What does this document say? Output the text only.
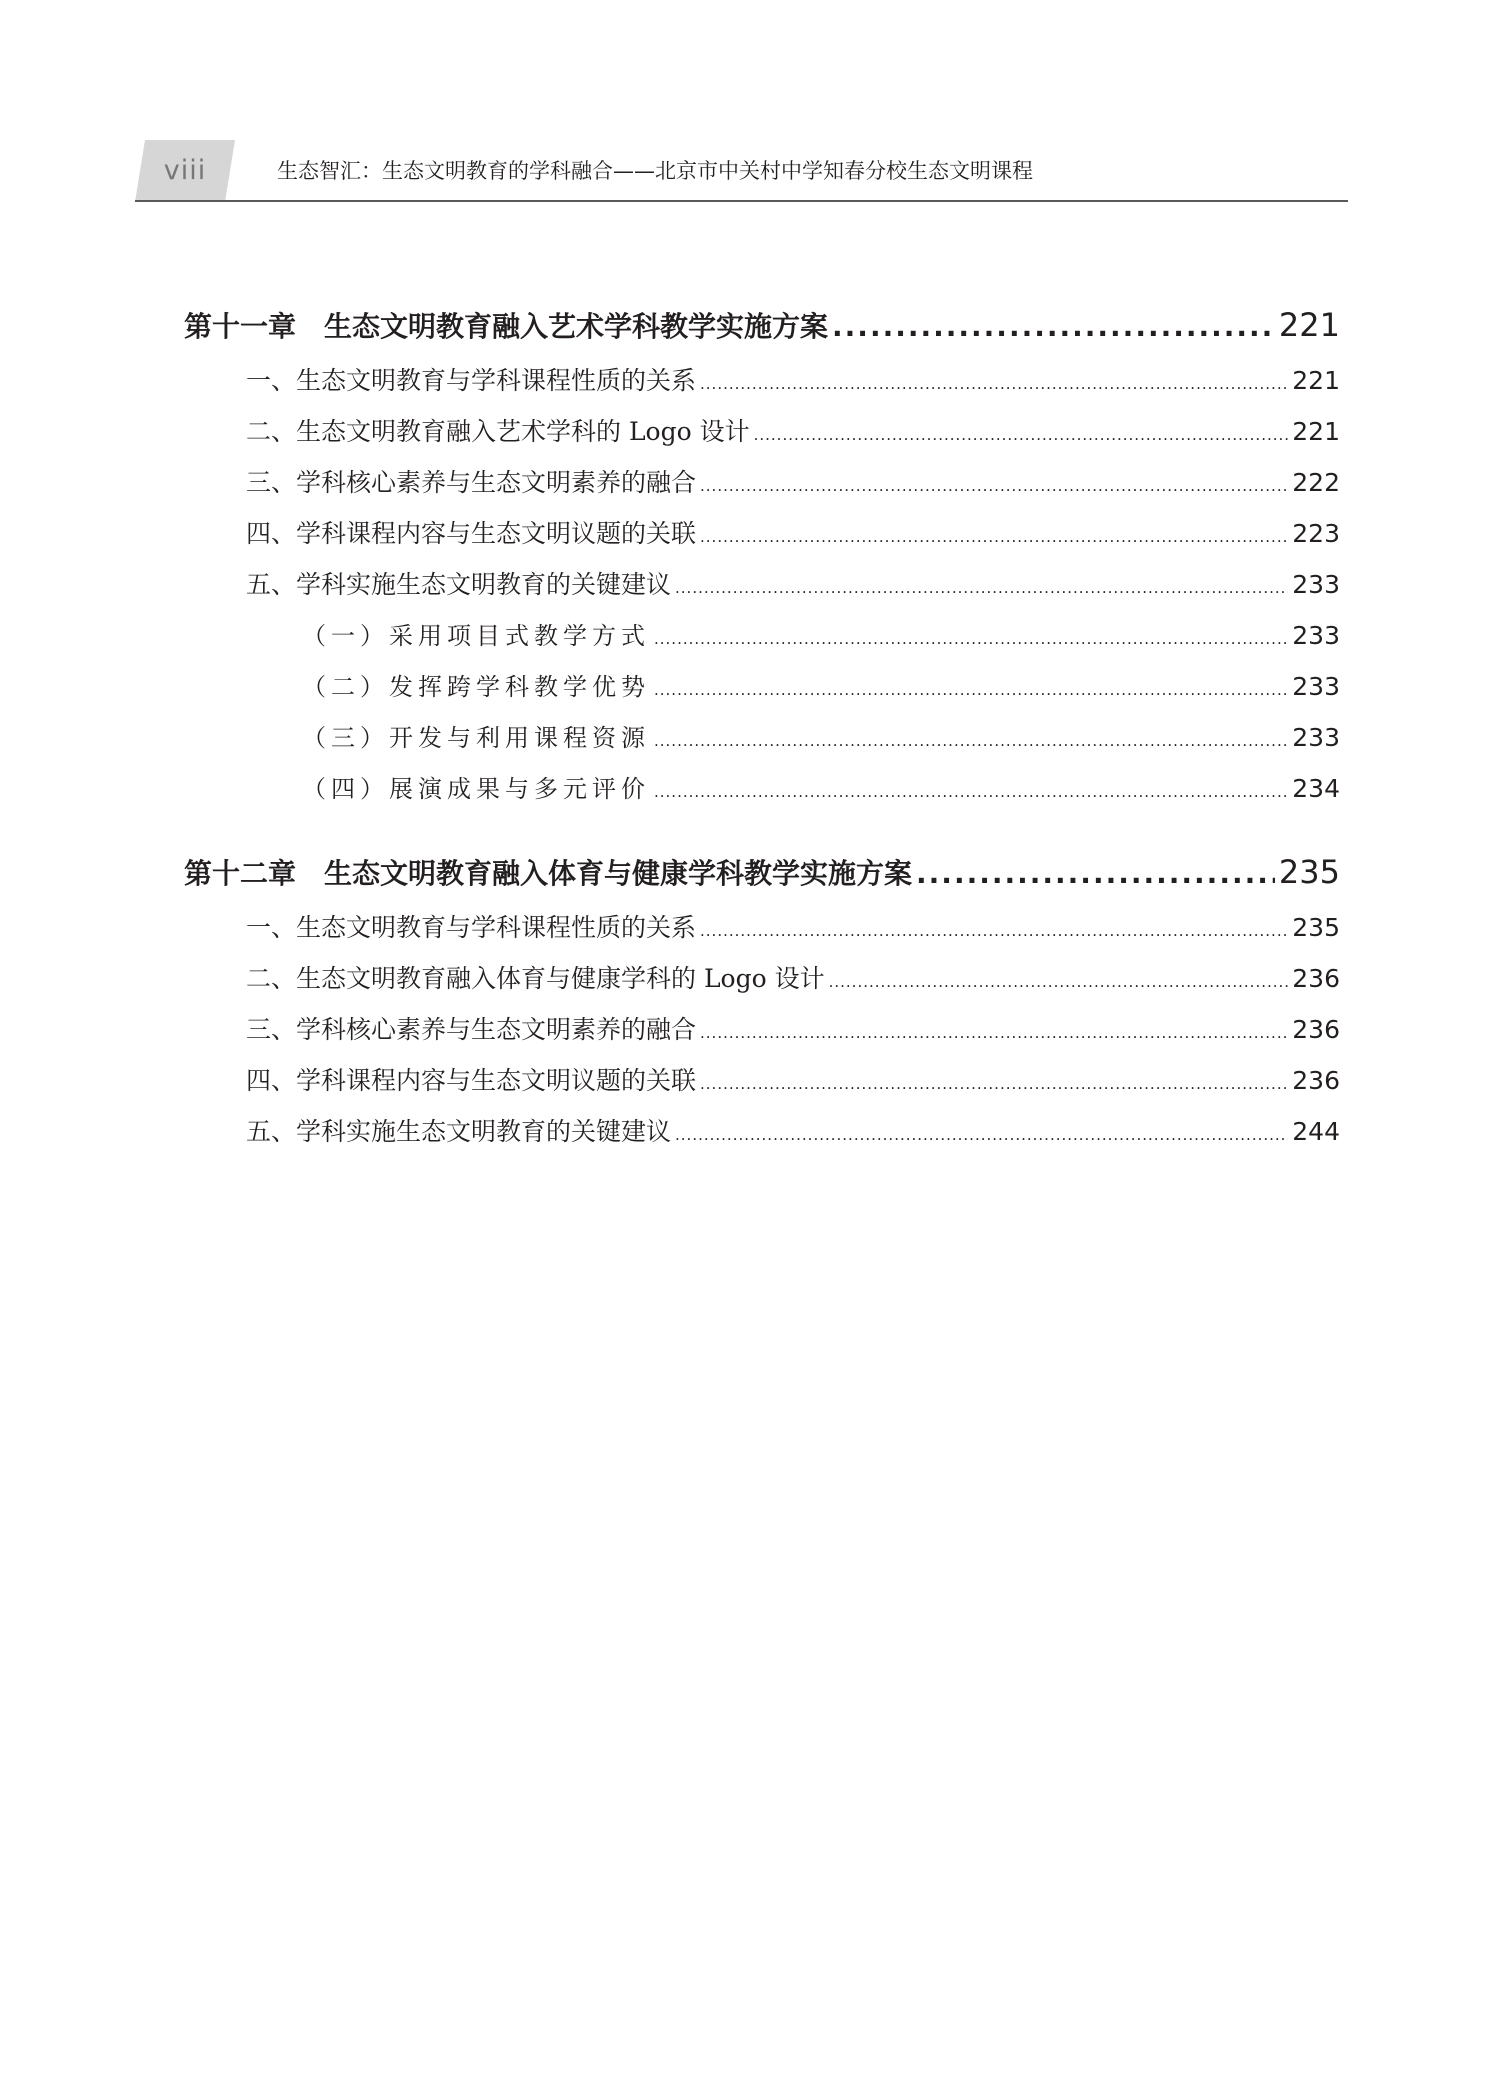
viii	生态智汇：生态文明教育的学科融合——北京市中关村中学知春分校生态文明课程
第十一章 生态文明教育融入艺术学科教学实施方案 .....	221
一、生态文明教育与学科课程性质的关系 .....	221
二、生态文明教育融入艺术学科的 Logo 设计 .....	221
三、学科核心素养与生态文明素养的融合 .....	222
四、学科课程内容与生态文明议题的关联 .....	223
五、学科实施生态文明教育的关键建议 .....	233
（一）采用项目式教学方式 .....	233
（二）发挥跨学科教学优势 .....	233
（三）开发与利用课程资源 .....	233
（四）展演成果与多元评价 .....	234
第十二章 生态文明教育融入体育与健康学科教学实施方案 .....	235
一、生态文明教育与学科课程性质的关系 .....	235
二、生态文明教育融入体育与健康学科的 Logo 设计 .....	236
三、学科核心素养与生态文明素养的融合 .....	236
四、学科课程内容与生态文明议题的关联 .....	236
五、学科实施生态文明教育的关键建议 .....	244
